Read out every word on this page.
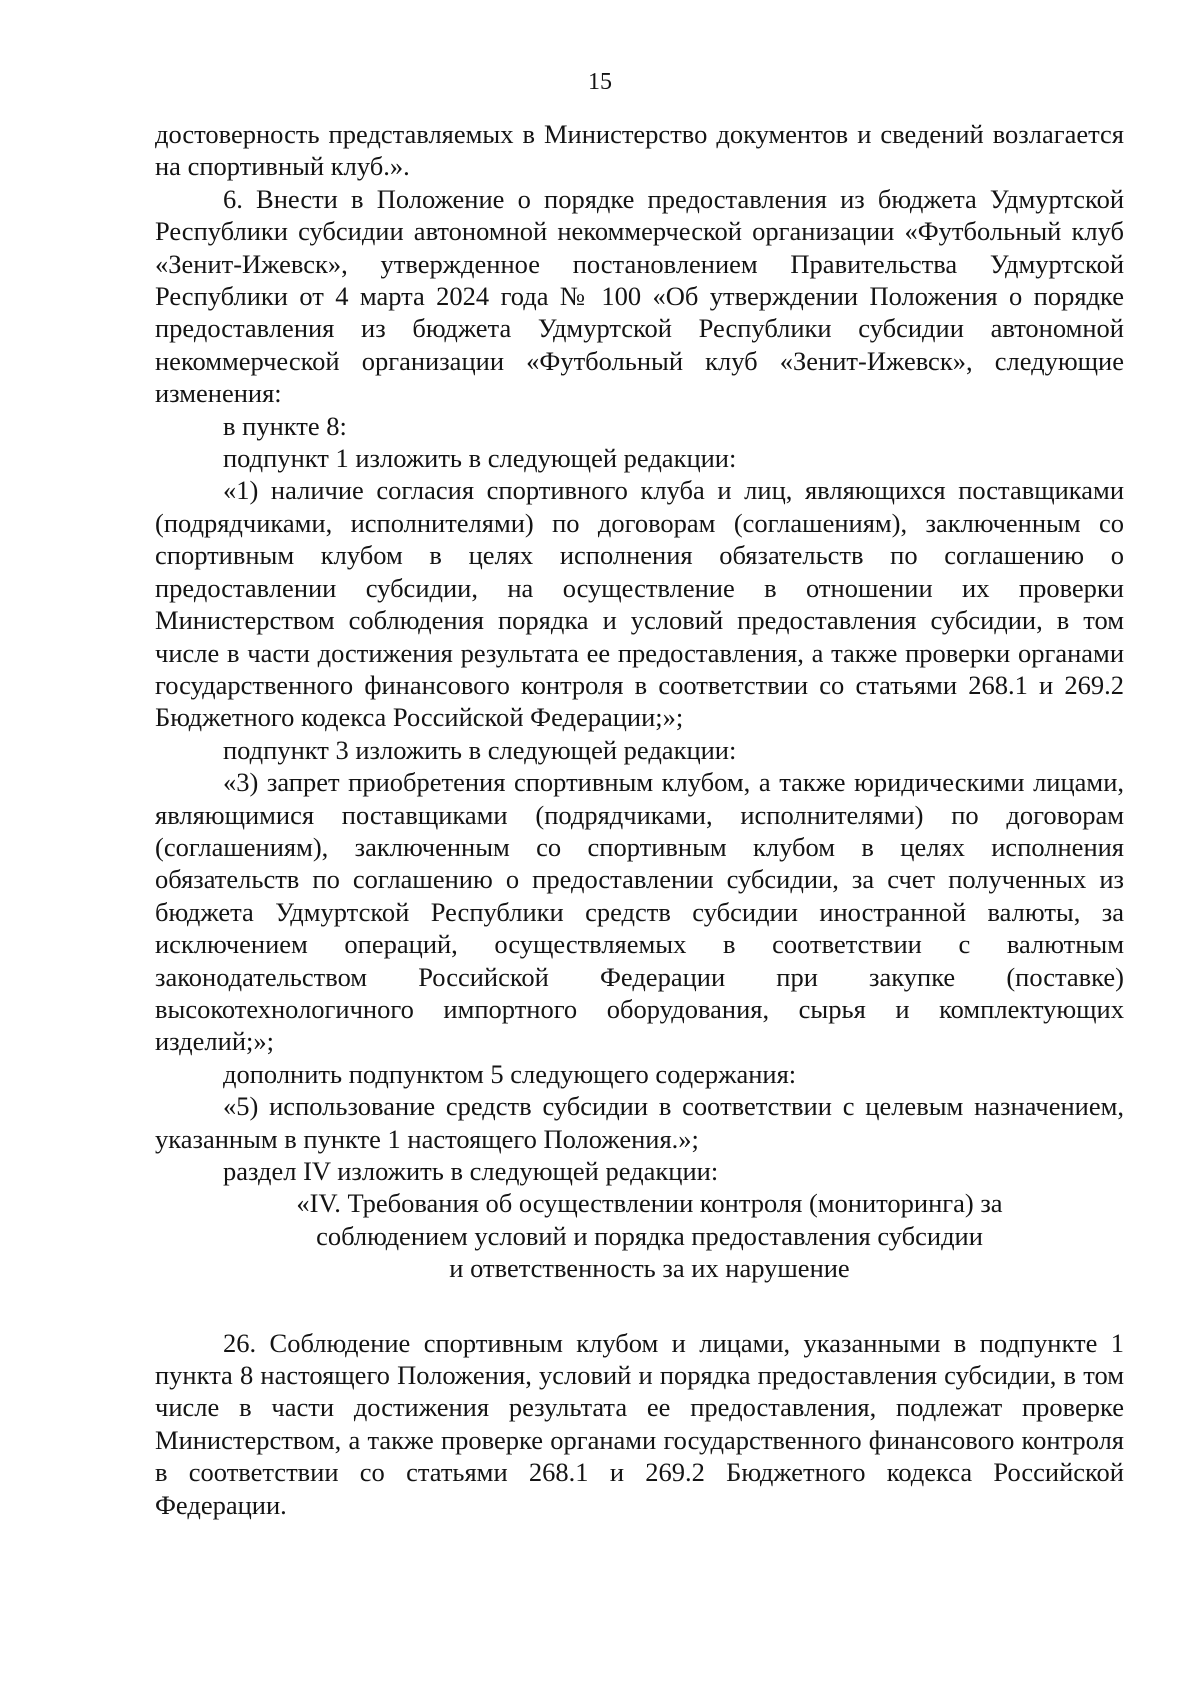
15

достоверность представляемых в Министерство документов и сведений возлагается на спортивный клуб.».

6. Внести в Положение о порядке предоставления из бюджета Удмуртской Республики субсидии автономной некоммерческой организации «Футбольный клуб «Зенит-Ижевск», утвержденное постановлением Правительства Удмуртской Республики от 4 марта 2024 года № 100 «Об утверждении Положения о порядке предоставления из бюджета Удмуртской Республики субсидии автономной некоммерческой организации «Футбольный клуб «Зенит-Ижевск», следующие изменения:

в пункте 8:

подпункт 1 изложить в следующей редакции:

«1) наличие согласия спортивного клуба и лиц, являющихся поставщиками (подрядчиками, исполнителями) по договорам (соглашениям), заключенным со спортивным клубом в целях исполнения обязательств по соглашению о предоставлении субсидии, на осуществление в отношении их проверки Министерством соблюдения порядка и условий предоставления субсидии, в том числе в части достижения результата ее предоставления, а также проверки органами государственного финансового контроля в соответствии со статьями 268.1 и 269.2 Бюджетного кодекса Российской Федерации;»;

подпункт 3 изложить в следующей редакции:

«3) запрет приобретения спортивным клубом, а также юридическими лицами, являющимися поставщиками (подрядчиками, исполнителями) по договорам (соглашениям), заключенным со спортивным клубом в целях исполнения обязательств по соглашению о предоставлении субсидии, за счет полученных из бюджета Удмуртской Республики средств субсидии иностранной валюты, за исключением операций, осуществляемых в соответствии с валютным законодательством Российской Федерации при закупке (поставке) высокотехнологичного импортного оборудования, сырья и комплектующих изделий;»;

дополнить подпунктом 5 следующего содержания:

«5) использование средств субсидии в соответствии с целевым назначением, указанным в пункте 1 настоящего Положения.»;

раздел IV изложить в следующей редакции:

«IV. Требования об осуществлении контроля (мониторинга) за

соблюдением условий и порядка предоставления субсидии

и ответственность за их нарушение

26. Соблюдение спортивным клубом и лицами, указанными в подпункте 1 пункта 8 настоящего Положения, условий и порядка предоставления субсидии, в том числе в части достижения результата ее предоставления, подлежат проверке Министерством, а также проверке органами государственного финансового контроля в соответствии со статьями 268.1 и 269.2 Бюджетного кодекса Российской Федерации.
